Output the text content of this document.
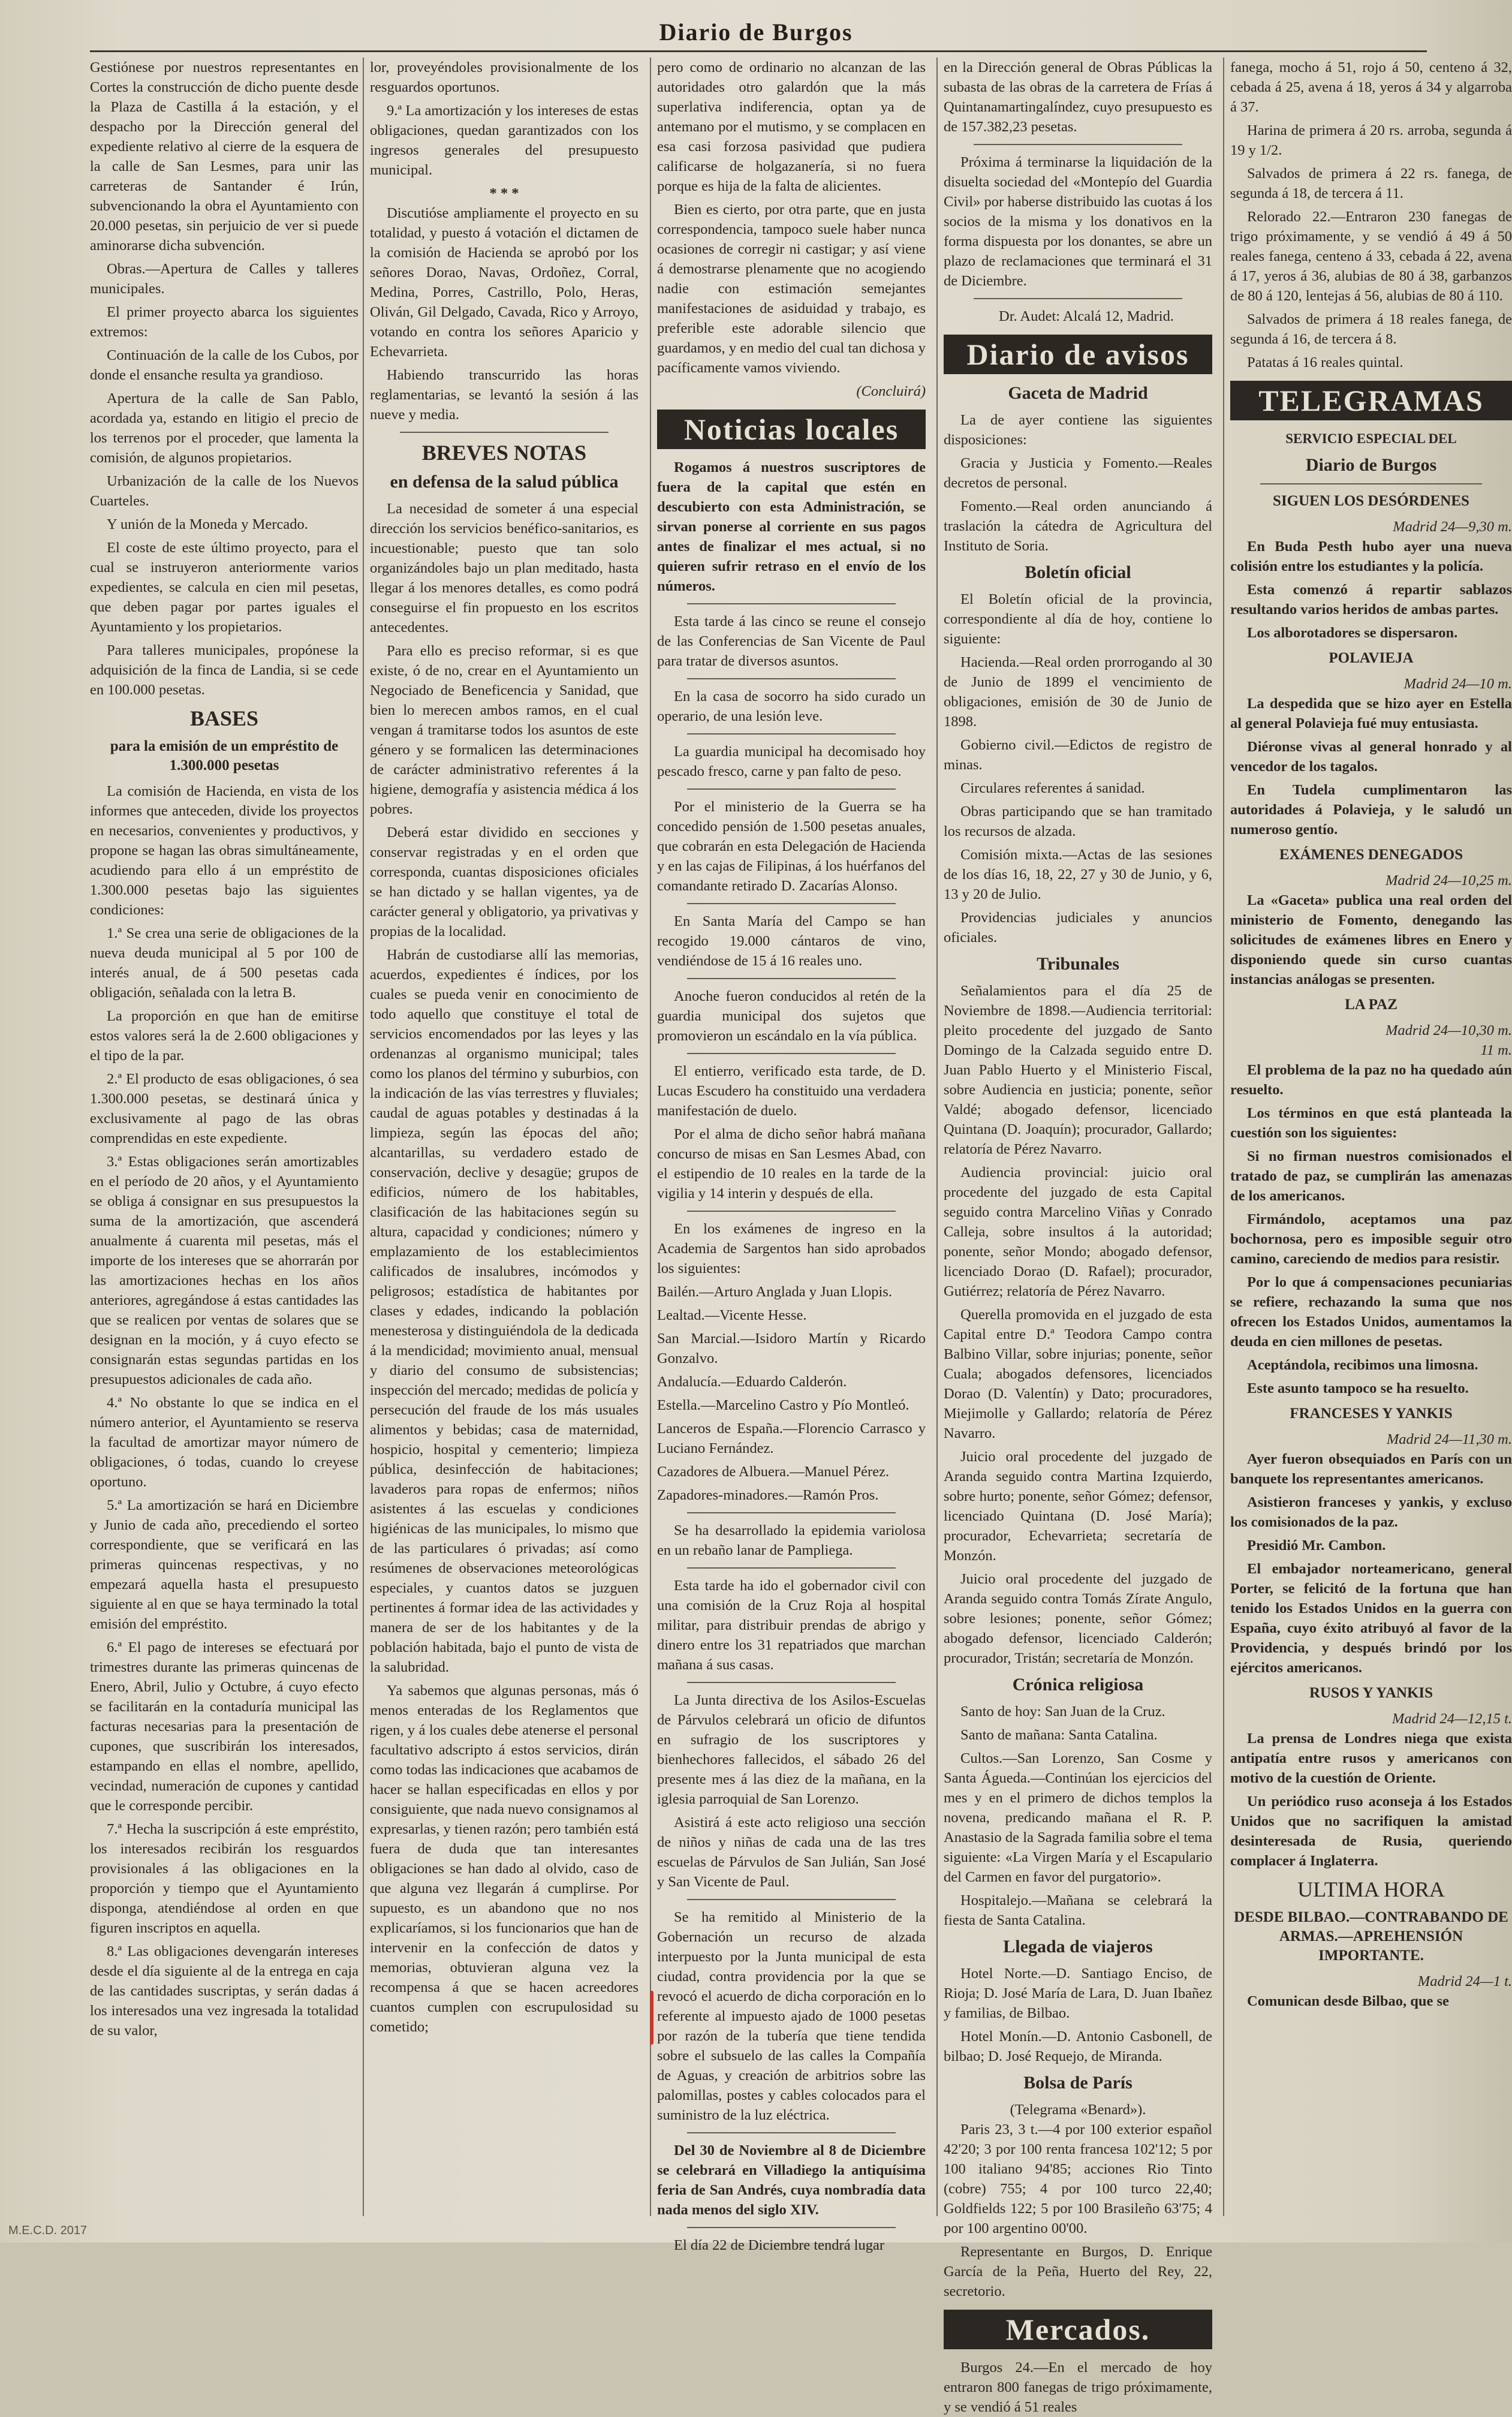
Diario de Burgos

Gestiónese por nuestros representantes en Cortes la construcción de dicho puente desde la Plaza de Castilla á la estación, y el despacho por la Dirección general del expediente relativo al cierre de la esquera de la calle de San Lesmes, para unir las carreteras de Santander é Irún, subvencionando la obra el Ayuntamiento con 20.000 pesetas, sin perjuicio de ver si puede aminorarse dicha subvención.

Obras.—Apertura de Calles y talleres municipales.

El primer proyecto abarca los siguientes extremos:

Continuación de la calle de los Cubos, por donde el ensanche resulta ya grandioso.

Apertura de la calle de San Pablo, acordada ya, estando en litigio el precio de los terrenos por el proceder, que lamenta la comisión, de algunos propietarios.

Urbanización de la calle de los Nuevos Cuarteles.

Y unión de la Moneda y Mercado.

El coste de este último proyecto, para el cual se instruyeron anteriormente varios expedientes, se calcula en cien mil pesetas, que deben pagar por partes iguales el Ayuntamiento y los propietarios.

Para talleres municipales, propónese la adquisición de la finca de Landia, si se cede en 100.000 pesetas.

BASES
para la emisión de un empréstito de 1.300.000 pesetas

La comisión de Hacienda, en vista de los informes que anteceden, divide los proyectos en necesarios, convenientes y productivos, y propone se hagan las obras simultáneamente, acudiendo para ello á un empréstito de 1.300.000 pesetas bajo las siguientes condiciones:

1.ª Se crea una serie de obligaciones de la nueva deuda municipal al 5 por 100 de interés anual, de á 500 pesetas cada obligación, señalada con la letra B.

La proporción en que han de emitirse estos valores será la de 2.600 obligaciones y el tipo de la par.

2.ª El producto de esas obligaciones, ó sea 1.300.000 pesetas, se destinará única y exclusivamente al pago de las obras comprendidas en este expediente.

3.ª Estas obligaciones serán amortizables en el período de 20 años, y el Ayuntamiento se obliga á consignar en sus presupuestos la suma de la amortización, que ascenderá anualmente á cuarenta mil pesetas, más el importe de los intereses que se ahorrarán por las amortizaciones hechas en los años anteriores, agregándose á estas cantidades las que se realicen por ventas de solares que se designan en la moción, y á cuyo efecto se consignarán estas segundas partidas en los presupuestos adicionales de cada año.

4.ª No obstante lo que se indica en el número anterior, el Ayuntamiento se reserva la facultad de amortizar mayor número de obligaciones, ó todas, cuando lo creyese oportuno.

5.ª La amortización se hará en Diciembre y Junio de cada año, precediendo el sorteo correspondiente, que se verificará en las primeras quincenas respectivas, y no empezará aquella hasta el presupuesto siguiente al en que se haya terminado la total emisión del empréstito.

6.ª El pago de intereses se efectuará por trimestres durante las primeras quincenas de Enero, Abril, Julio y Octubre, á cuyo efecto se facilitarán en la contaduría municipal las facturas necesarias para la presentación de cupones, que suscribirán los interesados, estampando en ellas el nombre, apellido, vecindad, numeración de cupones y cantidad que le corresponde percibir.

7.ª Hecha la suscripción á este empréstito, los interesados recibirán los resguardos provisionales á las obligaciones en la proporción y tiempo que el Ayuntamiento disponga, atendiéndose al orden en que figuren inscriptos en aquella.

8.ª Las obligaciones devengarán intereses desde el día siguiente al de la entrega en caja de las cantidades suscriptas, y serán dadas á los interesados una vez ingresada la totalidad de su valor,

lor, proveyéndoles provisionalmente de los resguardos oportunos.

9.ª La amortización y los intereses de estas obligaciones, quedan garantizados con los ingresos generales del presupuesto municipal.

* * *

Discutióse ampliamente el proyecto en su totalidad, y puesto á votación el dictamen de la comisión de Hacienda se aprobó por los señores Dorao, Navas, Ordoñez, Corral, Medina, Porres, Castrillo, Polo, Heras, Oliván, Gil Delgado, Cavada, Rico y Arroyo, votando en contra los señores Aparicio y Echevarrieta.

Habiendo transcurrido las horas reglamentarias, se levantó la sesión á las nueve y media.

BREVES NOTAS
en defensa de la salud pública

La necesidad de someter á una especial dirección los servicios benéfico-sanitarios, es incuestionable; puesto que tan solo organizándoles bajo un plan meditado, hasta llegar á los menores detalles, es como podrá conseguirse el fin propuesto en los escritos antecedentes.

Para ello es preciso reformar, si es que existe, ó de no, crear en el Ayuntamiento un Negociado de Beneficencia y Sanidad, que bien lo merecen ambos ramos, en el cual vengan á tramitarse todos los asuntos de este género y se formalicen las determinaciones de carácter administrativo referentes á la higiene, demografía y asistencia médica á los pobres.

Deberá estar dividido en secciones y conservar registradas y en el orden que corresponda, cuantas disposiciones oficiales se han dictado y se hallan vigentes, ya de carácter general y obligatorio, ya privativas y propias de la localidad.

Habrán de custodiarse allí las memorias, acuerdos, expedientes é índices, por los cuales se pueda venir en conocimiento de todo aquello que constituye el total de servicios encomendados por las leyes y las ordenanzas al organismo municipal; tales como los planos del término y suburbios, con la indicación de las vías terrestres y fluviales; caudal de aguas potables y destinadas á la limpieza, según las épocas del año; alcantarillas, su verdadero estado de conservación, declive y desagüe; grupos de edificios, número de los habitables, clasificación de las habitaciones según su altura, capacidad y condiciones; número y emplazamiento de los establecimientos calificados de insalubres, incómodos y peligrosos; estadística de habitantes por clases y edades, indicando la población menesterosa y distinguiéndola de la dedicada á la mendicidad; movimiento anual, mensual y diario del consumo de subsistencias; inspección del mercado; medidas de policía y persecución del fraude de los más usuales alimentos y bebidas; casa de maternidad, hospicio, hospital y cementerio; limpieza pública, desinfección de habitaciones; lavaderos para ropas de enfermos; niños asistentes á las escuelas y condiciones higiénicas de las municipales, lo mismo que de las particulares ó privadas; así como resúmenes de observaciones meteorológicas especiales, y cuantos datos se juzguen pertinentes á formar idea de las actividades y manera de ser de los habitantes y de la población habitada, bajo el punto de vista de la salubridad.

Ya sabemos que algunas personas, más ó menos enteradas de los Reglamentos que rigen, y á los cuales debe atenerse el personal facultativo adscripto á estos servicios, dirán como todas las indicaciones que acabamos de hacer se hallan especificadas en ellos y por consiguiente, que nada nuevo consignamos al expresarlas, y tienen razón; pero también está fuera de duda que tan interesantes obligaciones se han dado al olvido, caso de que alguna vez llegarán á cumplirse. Por supuesto, es un abandono que no nos explicaríamos, si los funcionarios que han de intervenir en la confección de datos y memorias, obtuvieran alguna vez la recompensa á que se hacen acreedores cuantos cumplen con escrupulosidad su cometido;

pero como de ordinario no alcanzan de las autoridades otro galardón que la más superlativa indiferencia, optan ya de antemano por el mutismo, y se complacen en esa casi forzosa pasividad que pudiera calificarse de holgazanería, si no fuera porque es hija de la falta de alicientes.

Bien es cierto, por otra parte, que en justa correspondencia, tampoco suele haber nunca ocasiones de corregir ni castigar; y así viene á demostrarse plenamente que no acogiendo nadie con estimación semejantes manifestaciones de asiduidad y trabajo, es preferible este adorable silencio que guardamos, y en medio del cual tan dichosa y pacíficamente vamos viviendo.

(Concluirá)
Noticias locales

Rogamos á nuestros suscriptores de fuera de la capital que estén en descubierto con esta Administración, se sirvan ponerse al corriente en sus pagos antes de finalizar el mes actual, si no quieren sufrir retraso en el envío de los números.

Esta tarde á las cinco se reune el consejo de las Conferencias de San Vicente de Paul para tratar de diversos asuntos.

En la casa de socorro ha sido curado un operario, de una lesión leve.

La guardia municipal ha decomisado hoy pescado fresco, carne y pan falto de peso.

Por el ministerio de la Guerra se ha concedido pensión de 1.500 pesetas anuales, que cobrarán en esta Delegación de Hacienda y en las cajas de Filipinas, á los huérfanos del comandante retirado D. Zacarías Alonso.

En Santa María del Campo se han recogido 19.000 cántaros de vino, vendiéndose de 15 á 16 reales uno.

Anoche fueron conducidos al retén de la guardia municipal dos sujetos que promovieron un escándalo en la vía pública.

El entierro, verificado esta tarde, de D. Lucas Escudero ha constituido una verdadera manifestación de duelo.

Por el alma de dicho señor habrá mañana concurso de misas en San Lesmes Abad, con el estipendio de 10 reales en la tarde de la vigilia y 14 interin y después de ella.

En los exámenes de ingreso en la Academia de Sargentos han sido aprobados los siguientes:

Bailén.—Arturo Anglada y Juan Llopis.

Lealtad.—Vicente Hesse.

San Marcial.—Isidoro Martín y Ricardo Gonzalvo.

Andalucía.—Eduardo Calderón.

Estella.—Marcelino Castro y Pío Montleó.

Lanceros de España.—Florencio Carrasco y Luciano Fernández.

Cazadores de Albuera.—Manuel Pérez.

Zapadores-minadores.—Ramón Pros.

Se ha desarrollado la epidemia variolosa en un rebaño lanar de Pampliega.

Esta tarde ha ido el gobernador civil con una comisión de la Cruz Roja al hospital militar, para distribuir prendas de abrigo y dinero entre los 31 repatriados que marchan mañana á sus casas.

La Junta directiva de los Asilos-Escuelas de Párvulos celebrará un oficio de difuntos en sufragio de los suscriptores y bienhechores fallecidos, el sábado 26 del presente mes á las diez de la mañana, en la iglesia parroquial de San Lorenzo.

Asistirá á este acto religioso una sección de niños y niñas de cada una de las tres escuelas de Párvulos de San Julián, San José y San Vicente de Paul.

Se ha remitido al Ministerio de la Gobernación un recurso de alzada interpuesto por la Junta municipal de esta ciudad, contra providencia por la que se revocó el acuerdo de dicha corporación en lo referente al impuesto ajado de 1000 pesetas por razón de la tubería que tiene tendida sobre el subsuelo de las calles la Compañía de Aguas, y creación de arbitrios sobre las palomillas, postes y cables colocados para el suministro de la luz eléctrica.

Del 30 de Noviembre al 8 de Diciembre se celebrará en Villadiego la antiquísima feria de San Andrés, cuya nombradía data nada menos del siglo XIV.

El día 22 de Diciembre tendrá lugar

en la Dirección general de Obras Públicas la subasta de las obras de la carretera de Frías á Quintanamartingalíndez, cuyo presupuesto es de 157.382,23 pesetas.

Próxima á terminarse la liquidación de la disuelta sociedad del «Montepío del Guardia Civil» por haberse distribuido las cuotas á los socios de la misma y los donativos en la forma dispuesta por los donantes, se abre un plazo de reclamaciones que terminará el 31 de Diciembre.

Dr. Audet: Alcalá 12, Madrid.

Diario de avisos
Gaceta de Madrid

La de ayer contiene las siguientes disposiciones:

Gracia y Justicia y Fomento.—Reales decretos de personal.

Fomento.—Real orden anunciando á traslación la cátedra de Agricultura del Instituto de Soria.

Boletín oficial

El Boletín oficial de la provincia, correspondiente al día de hoy, contiene lo siguiente:

Hacienda.—Real orden prorrogando al 30 de Junio de 1899 el vencimiento de obligaciones, emisión de 30 de Junio de 1898.

Gobierno civil.—Edictos de registro de minas.

Circulares referentes á sanidad.

Obras participando que se han tramitado los recursos de alzada.

Comisión mixta.—Actas de las sesiones de los días 16, 18, 22, 27 y 30 de Junio, y 6, 13 y 20 de Julio.

Providencias judiciales y anuncios oficiales.

Tribunales

Señalamientos para el día 25 de Noviembre de 1898.—Audiencia territorial: pleito procedente del juzgado de Santo Domingo de la Calzada seguido entre D. Juan Pablo Huerto y el Ministerio Fiscal, sobre Audiencia en justicia; ponente, señor Valdé; abogado defensor, licenciado Quintana (D. Joaquín); procurador, Gallardo; relatoría de Pérez Navarro.

Audiencia provincial: juicio oral procedente del juzgado de esta Capital seguido contra Marcelino Viñas y Conrado Calleja, sobre insultos á la autoridad; ponente, señor Mondo; abogado defensor, licenciado Dorao (D. Rafael); procurador, Gutiérrez; relatoría de Pérez Navarro.

Querella promovida en el juzgado de esta Capital entre D.ª Teodora Campo contra Balbino Villar, sobre injurias; ponente, señor Cuala; abogados defensores, licenciados Dorao (D. Valentín) y Dato; procuradores, Miejimolle y Gallardo; relatoría de Pérez Navarro.

Juicio oral procedente del juzgado de Aranda seguido contra Martina Izquierdo, sobre hurto; ponente, señor Gómez; defensor, licenciado Quintana (D. José María); procurador, Echevarrieta; secretaría de Monzón.

Juicio oral procedente del juzgado de Aranda seguido contra Tomás Zírate Angulo, sobre lesiones; ponente, señor Gómez; abogado defensor, licenciado Calderón; procurador, Tristán; secretaría de Monzón.

Crónica religiosa

Santo de hoy: San Juan de la Cruz.

Santo de mañana: Santa Catalina.

Cultos.—San Lorenzo, San Cosme y Santa Águeda.—Continúan los ejercicios del mes y en el primero de dichos templos la novena, predicando mañana el R. P. Anastasio de la Sagrada familia sobre el tema siguiente: «La Virgen María y el Escapulario del Carmen en favor del purgatorio».

Hospitalejo.—Mañana se celebrará la fiesta de Santa Catalina.

Llegada de viajeros

Hotel Norte.—D. Santiago Enciso, de Rioja; D. José María de Lara, D. Juan Ibañez y familias, de Bilbao.

Hotel Monín.—D. Antonio Casbonell, de bilbao; D. José Requejo, de Miranda.

Bolsa de París
(Telegrama «Benard»).

Paris 23, 3 t.—4 por 100 exterior español 42'20; 3 por 100 renta francesa 102'12; 5 por 100 italiano 94'85; acciones Rio Tinto (cobre) 755; 4 por 100 turco 22,40; Goldfields 122; 5 por 100 Brasileño 63'75; 4 por 100 argentino 00'00.

Representante en Burgos, D. Enrique García de la Peña, Huerto del Rey, 22, secretorio.

Mercados.

Burgos 24.—En el mercado de hoy entraron 800 fanegas de trigo próximamente, y se vendió á 51 reales

fanega, mocho á 51, rojo á 50, centeno á 32, cebada á 25, avena á 18, yeros á 34 y algarroba á 37.

Harina de primera á 20 rs. arroba, segunda á 19 y 1/2.

Salvados de primera á 22 rs. fanega, de segunda á 18, de tercera á 11.

Relorado 22.—Entraron 230 fanegas de trigo próximamente, y se vendió á 49 á 50 reales fanega, centeno á 33, cebada á 22, avena á 17, yeros á 36, alubias de 80 á 38, garbanzos de 80 á 120, lentejas á 56, alubias de 80 á 110.

Salvados de primera á 18 reales fanega, de segunda á 16, de tercera á 8.

Patatas á 16 reales quintal.

TELEGRAMAS
SERVICIO ESPECIAL DEL
Diario de Burgos
SIGUEN LOS DESÓRDENES
Madrid 24—9,30 m.

En Buda Pesth hubo ayer una nueva colisión entre los estudiantes y la policía.

Esta comenzó á repartir sablazos resultando varios heridos de ambas partes.

Los alborotadores se dispersaron.

POLAVIEJA
Madrid 24—10 m.

La despedida que se hizo ayer en Estella al general Polavieja fué muy entusiasta.

Diéronse vivas al general honrado y al vencedor de los tagalos.

En Tudela cumplimentaron las autoridades á Polavieja, y le saludó un numeroso gentío.

EXÁMENES DENEGADOS
Madrid 24—10,25 m.

La «Gaceta» publica una real orden del ministerio de Fomento, denegando las solicitudes de exámenes libres en Enero y disponiendo quede sin curso cuantas instancias análogas se presenten.

LA PAZ
Madrid 24—10,30 m.
11 m.

El problema de la paz no ha quedado aún resuelto.

Los términos en que está planteada la cuestión son los siguientes:

Si no firman nuestros comisionados el tratado de paz, se cumplirán las amenazas de los americanos.

Firmándolo, aceptamos una paz bochornosa, pero es imposible seguir otro camino, careciendo de medios para resistir.

Por lo que á compensaciones pecuniarias se refiere, rechazando la suma que nos ofrecen los Estados Unidos, aumentamos la deuda en cien millones de pesetas.

Aceptándola, recibimos una limosna.

Este asunto tampoco se ha resuelto.

FRANCESES Y YANKIS
Madrid 24—11,30 m.

Ayer fueron obsequiados en París con un banquete los representantes americanos.

Asistieron franceses y yankis, y excluso los comisionados de la paz.

Presidió Mr. Cambon.

El embajador norteamericano, general Porter, se felicitó de la fortuna que han tenido los Estados Unidos en la guerra con España, cuyo éxito atribuyó al favor de la Providencia, y después brindó por los ejércitos americanos.

RUSOS Y YANKIS
Madrid 24—12,15 t.

La prensa de Londres niega que exista antipatía entre rusos y americanos con motivo de la cuestión de Oriente.

Un periódico ruso aconseja á los Estados Unidos que no sacrifiquen la amistad desinteresada de Rusia, queriendo complacer á Inglaterra.

ULTIMA HORA
DESDE BILBAO.—CONTRABANDO DE ARMAS.—APREHENSIÓN IMPORTANTE.
Madrid 24—1 t.

Comunican desde Bilbao, que se

M.E.C.D. 2017
